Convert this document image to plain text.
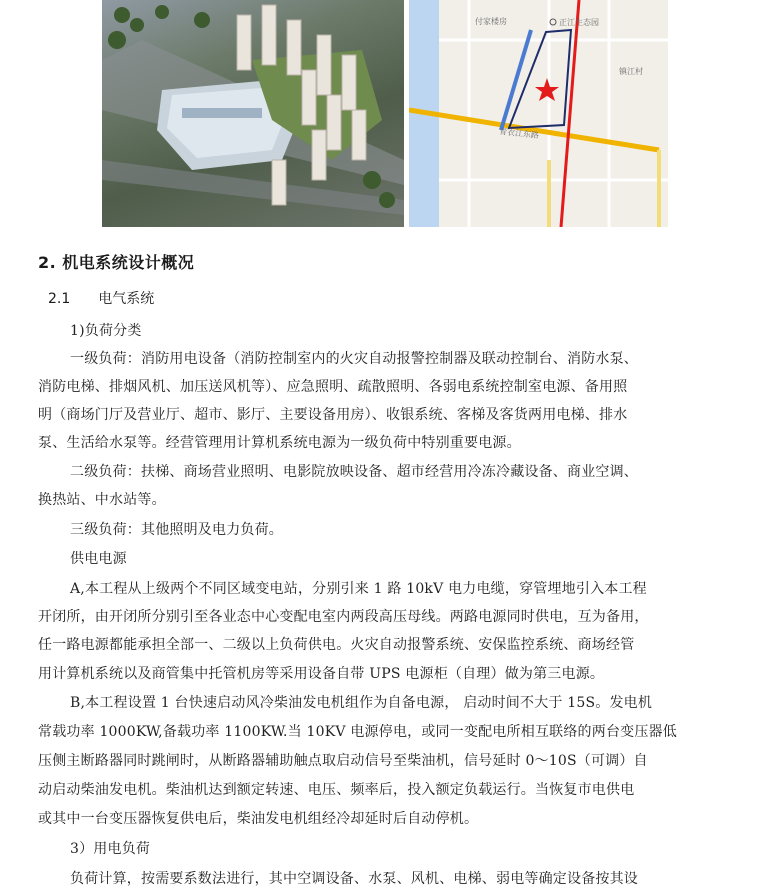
付家楼房	正江生态园
镇江村
青衣江东路
2. 机电系统设计概况
2.1 电气系统
1)负荷分类
一级负荷：消防用电设备（消防控制室内的火灾自动报警控制器及联动控制台、消防水泵、
消防电梯、排烟风机、加压送风机等）、应急照明、疏散照明、各弱电系统控制室电源、备用照
明（商场门厅及营业厅、超市、影厅、主要设备用房）、收银系统、客梯及客货两用电梯、排水
泵、生活给水泵等。经营管理用计算机系统电源为一级负荷中特别重要电源。
二级负荷：扶梯、商场营业照明、电影院放映设备、超市经营用冷冻冷藏设备、商业空调、
换热站、中水站等。
三级负荷：其他照明及电力负荷。
供电电源
A,本工程从上级两个不同区域变电站，分别引来 1 路 10kV 电力电缆，穿管埋地引入本工程
开闭所，由开闭所分别引至各业态中心变配电室内两段高压母线。两路电源同时供电，互为备用，
任一路电源都能承担全部一、二级以上负荷供电。火灾自动报警系统、安保监控系统、商场经管
用计算机系统以及商管集中托管机房等采用设备自带 UPS 电源柜（自理）做为第三电源。
B,本工程设置 1 台快速启动风冷柴油发电机组作为自备电源， 启动时间不大于 15S。发电机
常载功率 1000KW,备载功率 1100KW.当 10KV 电源停电，或同一变配电所相互联络的两台变压器低
压侧主断路器同时跳闸时，从断路器辅助触点取启动信号至柴油机，信号延时 0～10S（可调）自
动启动柴油发电机。柴油机达到额定转速、电压、频率后，投入额定负载运行。当恢复市电供电
或其中一台变压器恢复供电后，柴油发电机组经冷却延时后自动停机。
3）用电负荷
负荷计算，按需要系数法进行，其中空调设备、水泵、风机、电梯、弱电等确定设备按其设
